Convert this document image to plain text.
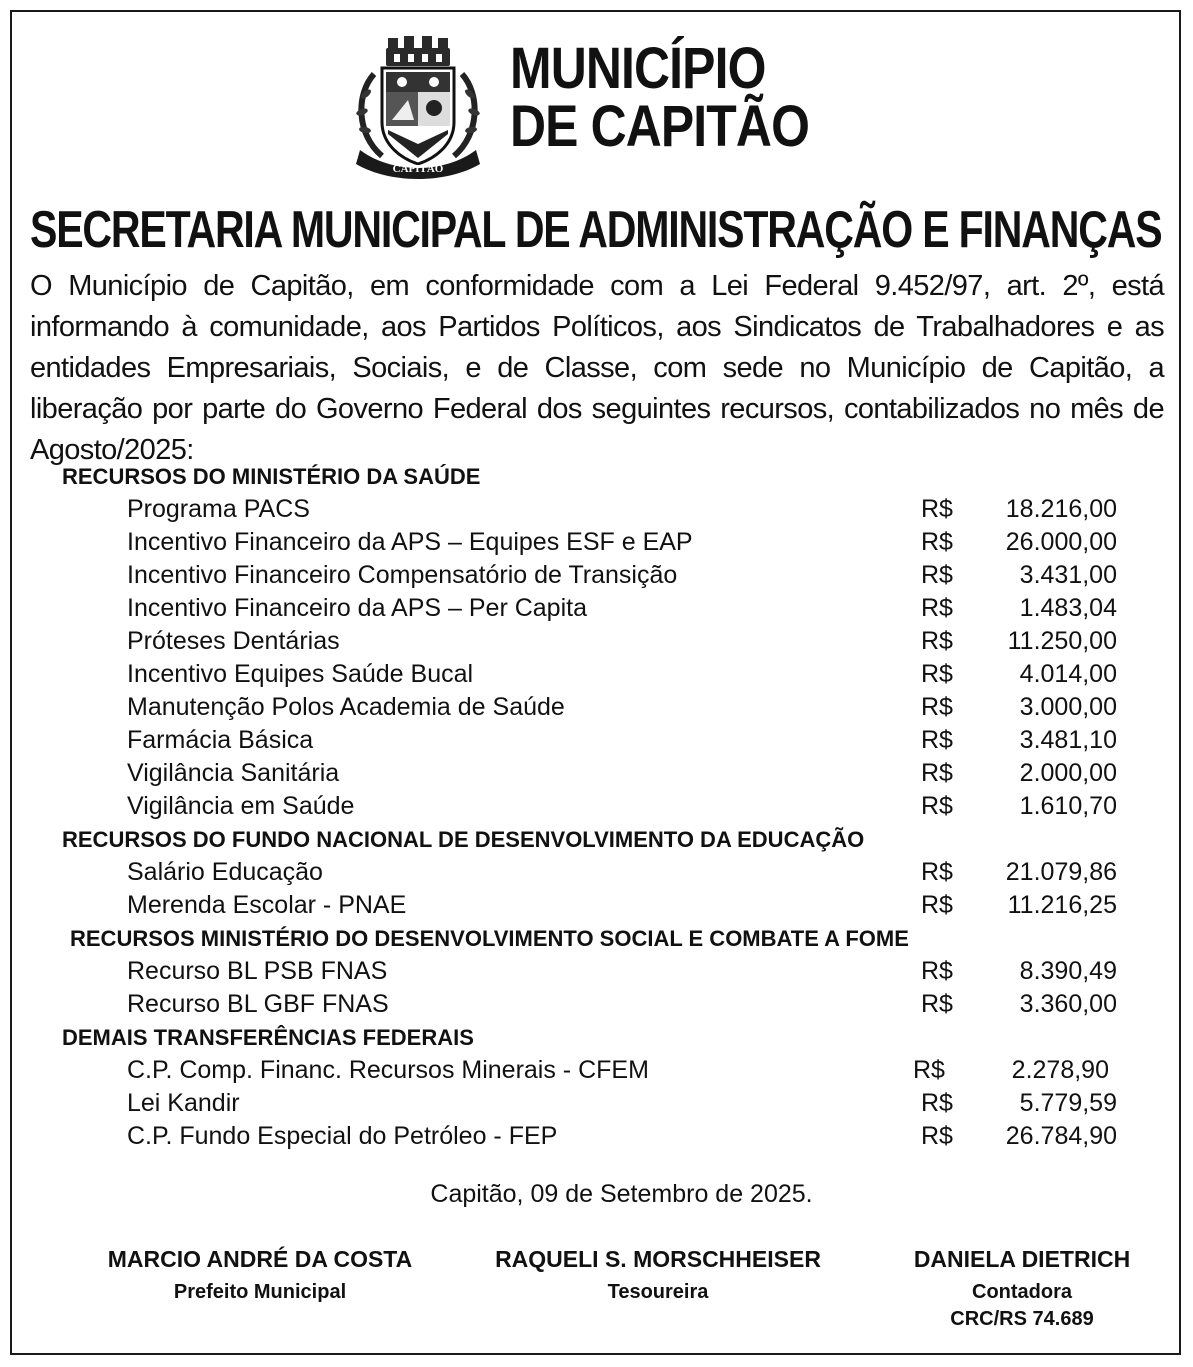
CAPITÃO
MUNICÍPIO
DE CAPITÃO
SECRETARIA MUNICIPAL DE ADMINISTRAÇÃO E FINANÇAS

O Município de Capitão, em conformidade com a Lei Federal 9.452/97, art. 2º, está informando à comunidade, aos Partidos Políticos, aos Sindicatos de Trabalhadores e as entidades Empresariais, Sociais, e de Classe, com sede no Município de Capitão, a liberação por parte do Governo Federal dos seguintes recursos, contabilizados no mês de Agosto/2025:

RECURSOS DO MINISTÉRIO DA SAÚDE
Programa PACS	R$ 18.216,00
Incentivo Financeiro da APS – Equipes ESF e EAP	R$ 26.000,00
Incentivo Financeiro Compensatório de Transição	R$	3.431,00
Incentivo Financeiro da APS – Per Capita	R$	1.483,04
Próteses Dentárias	R$ 11.250,00
Incentivo Equipes Saúde Bucal	R$	4.014,00
Manutenção Polos Academia de Saúde	R$	3.000,00
Farmácia Básica	R$	3.481,10
Vigilância Sanitária	R$	2.000,00
Vigilância em Saúde	R$	1.610,70
RECURSOS DO FUNDO NACIONAL DE DESENVOLVIMENTO DA EDUCAÇÃO
Salário Educação	R$ 21.079,86
Merenda Escolar - PNAE	R$ 11.216,25
RECURSOS MINISTÉRIO DO DESENVOLVIMENTO SOCIAL E COMBATE A FOME
Recurso BL PSB FNAS	R$	8.390,49
Recurso BL GBF FNAS	R$	3.360,00
DEMAIS TRANSFERÊNCIAS FEDERAIS
C.P. Comp. Financ. Recursos Minerais - CFEM	R$	2.278,90
Lei Kandir	R$	5.779,59
C.P. Fundo Especial do Petróleo - FEP	R$ 26.784,90
Capitão, 09 de Setembro de 2025.
MARCIO ANDRÉ DA COSTA
Prefeito Municipal
RAQUELI S. MORSCHHEISER
Tesoureira
DANIELA DIETRICH
Contadora
CRC/RS 74.689
